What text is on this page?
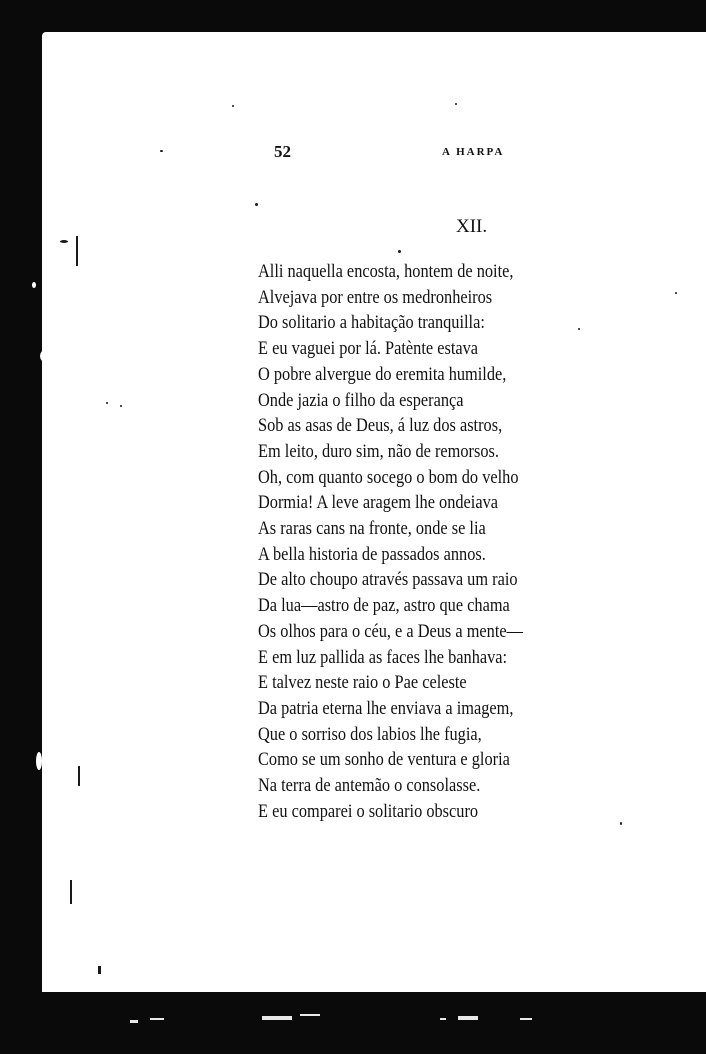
52	A HARPA
XII.
Alli naquella encosta, hontem de noite,
Alvejava por entre os medronheiros
Do solitario a habitação tranquilla:
E eu vaguei por lá. Patènte estava
O pobre alvergue do eremita humilde,
Onde jazia o filho da esperança
Sob as asas de Deus, á luz dos astros,
Em leito, duro sim, não de remorsos.
Oh, com quanto socego o bom do velho
Dormia! A leve aragem lhe ondeiava
As raras cans na fronte, onde se lia
A bella historia de passados annos.
De alto choupo através passava um raio
Da lua—astro de paz, astro que chama
Os olhos para o céu, e a Deus a mente—
E em luz pallida as faces lhe banhava:
E talvez neste raio o Pae celeste
Da patria eterna lhe enviava a imagem,
Que o sorriso dos labios lhe fugia,
Como se um sonho de ventura e gloria
Na terra de antemão o consolasse.
E eu comparei o solitario obscuro
